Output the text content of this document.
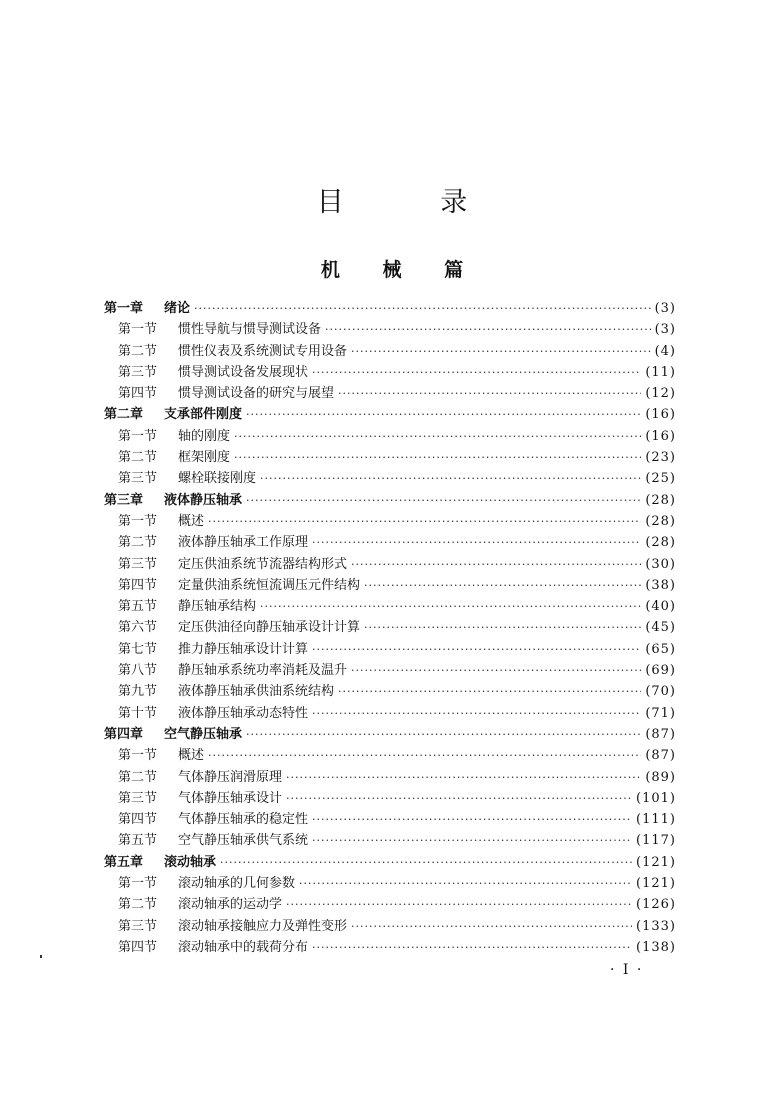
目 录
机 械 篇
第一章	绪论 ·····	(3)
第一节	惯性导航与惯导测试设备 ·····	(3)
第二节	惯性仪表及系统测试专用设备 ·····	(4)
第三节	惯导测试设备发展现状 ·····	(11)
第四节	惯导测试设备的研究与展望 ·····	(12)
第二章	支承部件刚度 ·····	(16)
第一节	轴的刚度 ·····	(16)
第二节	框架刚度 ·····	(23)
第三节	螺栓联接刚度 ·····	(25)
第三章	液体静压轴承 ·····	(28)
第一节	概述 ·····	(28)
第二节	液体静压轴承工作原理 ·····	(28)
第三节	定压供油系统节流器结构形式 ·····	(30)
第四节	定量供油系统恒流调压元件结构 ·····	(38)
第五节	静压轴承结构 ·····	(40)
第六节	定压供油径向静压轴承设计计算 ·····	(45)
第七节	推力静压轴承设计计算 ·····	(65)
第八节	静压轴承系统功率消耗及温升 ·····	(69)
第九节	液体静压轴承供油系统结构 ·····	(70)
第十节	液体静压轴承动态特性 ·····	(71)
第四章	空气静压轴承 ·····	(87)
第一节	概述 ·····	(87)
第二节	气体静压润滑原理 ·····	(89)
第三节	气体静压轴承设计 ·····	(101)
第四节	气体静压轴承的稳定性 ·····	(111)
第五节	空气静压轴承供气系统 ·····	(117)
第五章	滚动轴承 ·····	(121)
第一节	滚动轴承的几何参数 ·····	(121)
第二节	滚动轴承的运动学 ·····	(126)
第三节	滚动轴承接触应力及弹性变形 ·····	(133)
第四节	滚动轴承中的载荷分布 ·····	(138)
· I ·
